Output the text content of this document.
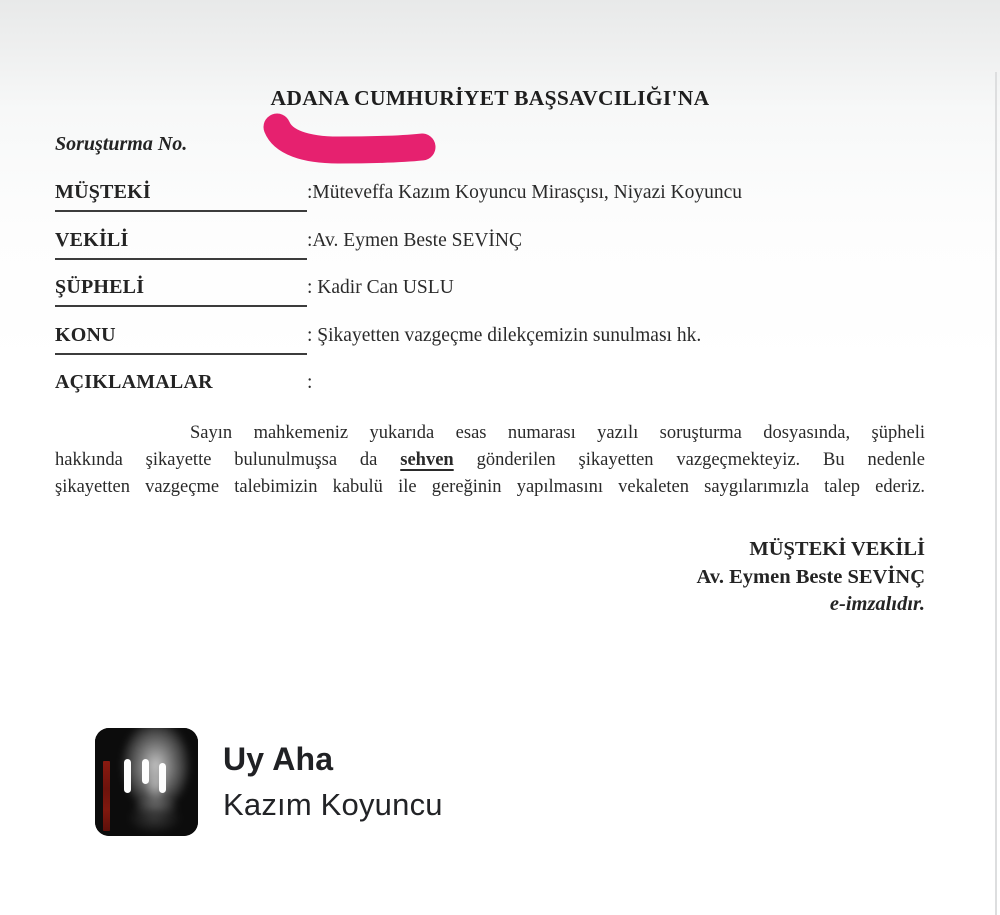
ADANA CUMHURİYET BAŞSAVCILIĞI'NA
Soruşturma No.
MÜŞTEKİ	:Müteveffa Kazım Koyuncu Mirasçısı, Niyazi Koyuncu
VEKİLİ	:Av. Eymen Beste SEVİNÇ
ŞÜPHELİ	: Kadir Can USLU
KONU	: Şikayetten vazgeçme dilekçemizin sunulması hk.
AÇIKLAMALAR	:
Sayın mahkemeniz yukarıda esas numarası yazılı soruşturma dosyasında, şüpheli
hakkında şikayette bulunulmuşsa da sehven gönderilen şikayetten vazgeçmekteyiz. Bu nedenle
şikayetten vazgeçme talebimizin kabulü ile gereğinin yapılmasını vekaleten saygılarımızla talep ederiz.
MÜŞTEKİ VEKİLİ
Av. Eymen Beste SEVİNÇ
e-imzalıdır.
Uy Aha
Kazım Koyuncu
